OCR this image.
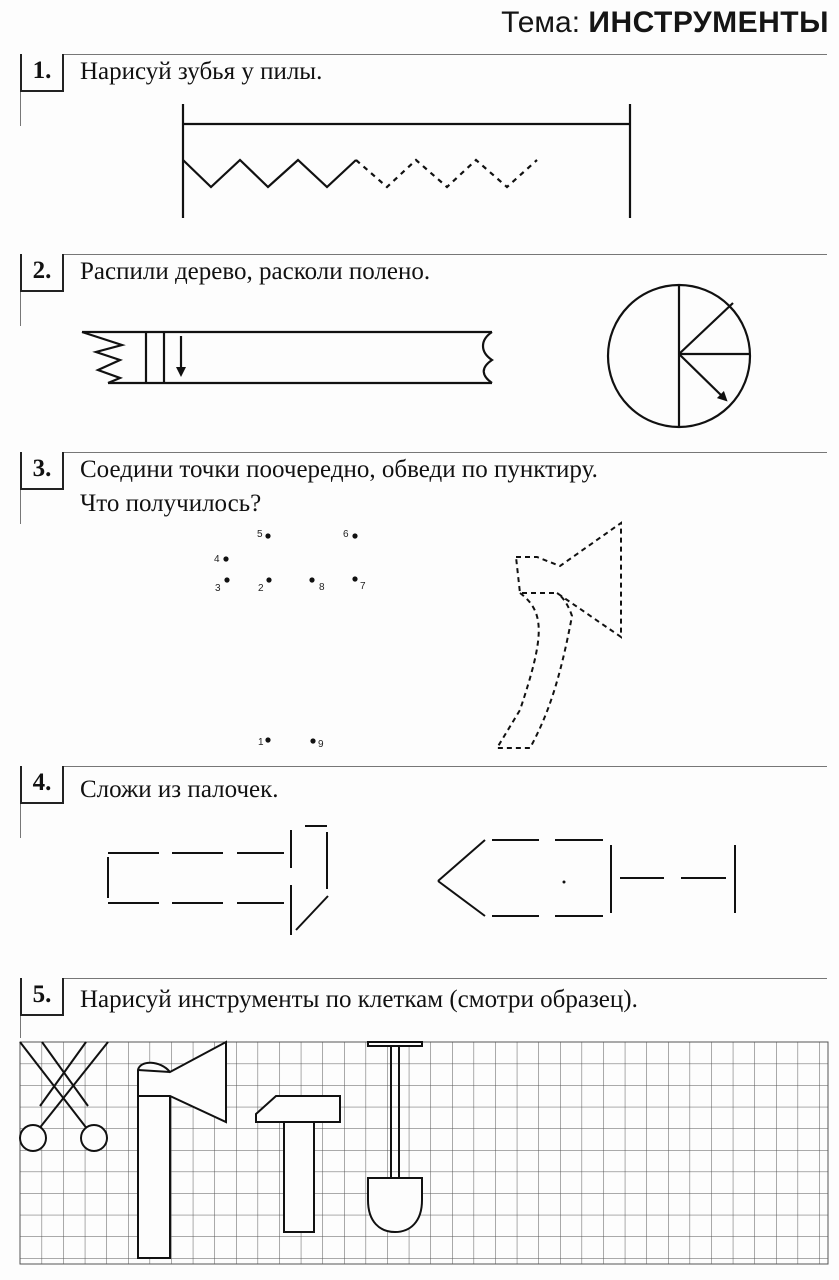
Тема: ИНСТРУМЕНТЫ
1.	Нарисуй зубья у пилы.
2.	Распили дерево, расколи полено.
3.	Соедини точки поочередно, обведи по пунктиру.
Что получилось?
4.	Сложи из палочек.
5.	Нарисуй инструменты по клеткам (смотри образец).
1
2
3
4
5	6
7
8
9
